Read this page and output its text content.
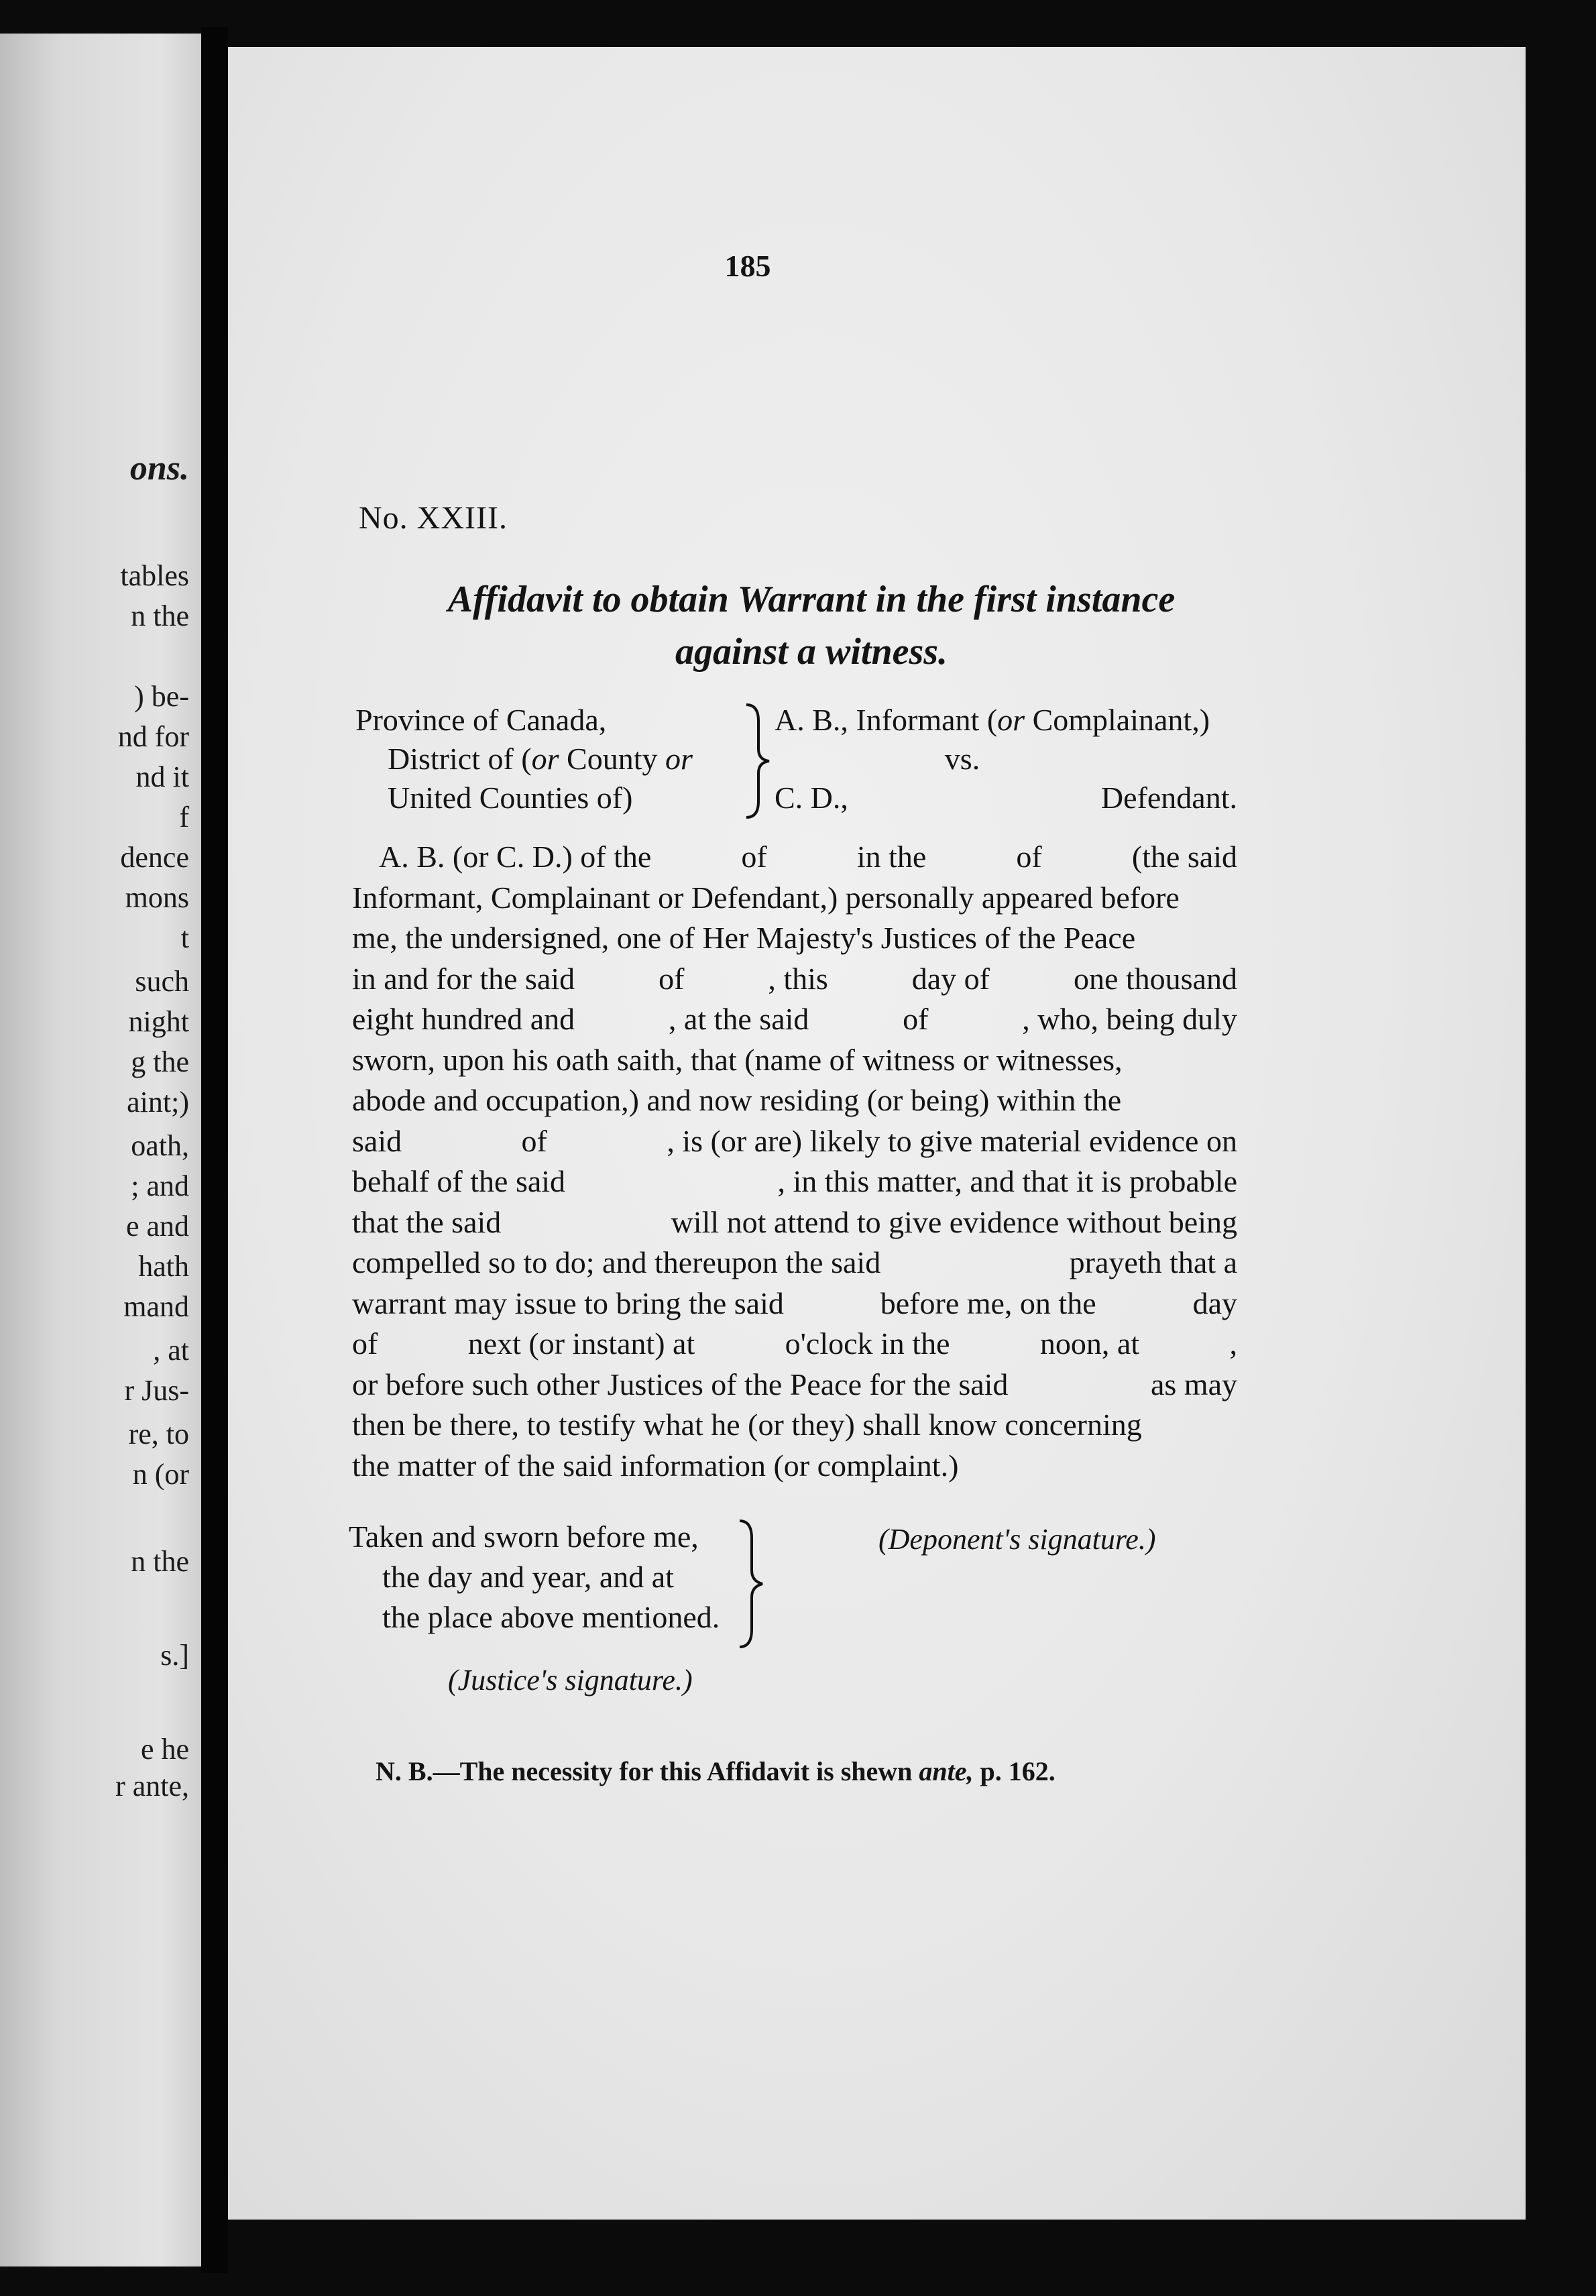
ons.
tables
n the
) be-
nd for
nd it
f
dence
mons
t
such
night
g the
aint;)
oath,
; and
e and
hath
mand
, at
r Jus-
re, to
n (or
n the
s.]
e he
r ante,
185
No. XXIII.
Affidavit to obtain Warrant in the first instance
against a witness.
Province of Canada,
District of (or County or
United Counties of)
A. B., Informant (or Complainant,)
vs.
C. D.,	Defendant.
A. B. (or C. D.) of the	of	in the	of	(the said
Informant, Complainant or Defendant,) personally appeared before
me, the undersigned, one of Her Majesty's Justices of the Peace
in and for the said	of	, this	day of	one thousand
eight hundred and	, at the said	of	, who, being duly
sworn, upon his oath saith, that (name of witness or witnesses,
abode and occupation,) and now residing (or being) within the
said	of	, is (or are) likely to give material evidence on
behalf of the said	, in this matter, and that it is probable
that the said	will not attend to give evidence without being
compelled so to do; and thereupon the said	prayeth that a
warrant may issue to bring the said	before me, on the	day
of	next (or instant) at	o'clock in the	noon, at	,
or before such other Justices of the Peace for the said	as may
then be there, to testify what he (or they) shall know concerning
the matter of the said information (or complaint.)
Taken and sworn before me,
the day and year, and at
the place above mentioned.
(Deponent's signature.)
(Justice's signature.)
N. B.—The necessity for this Affidavit is shewn ante, p. 162.
